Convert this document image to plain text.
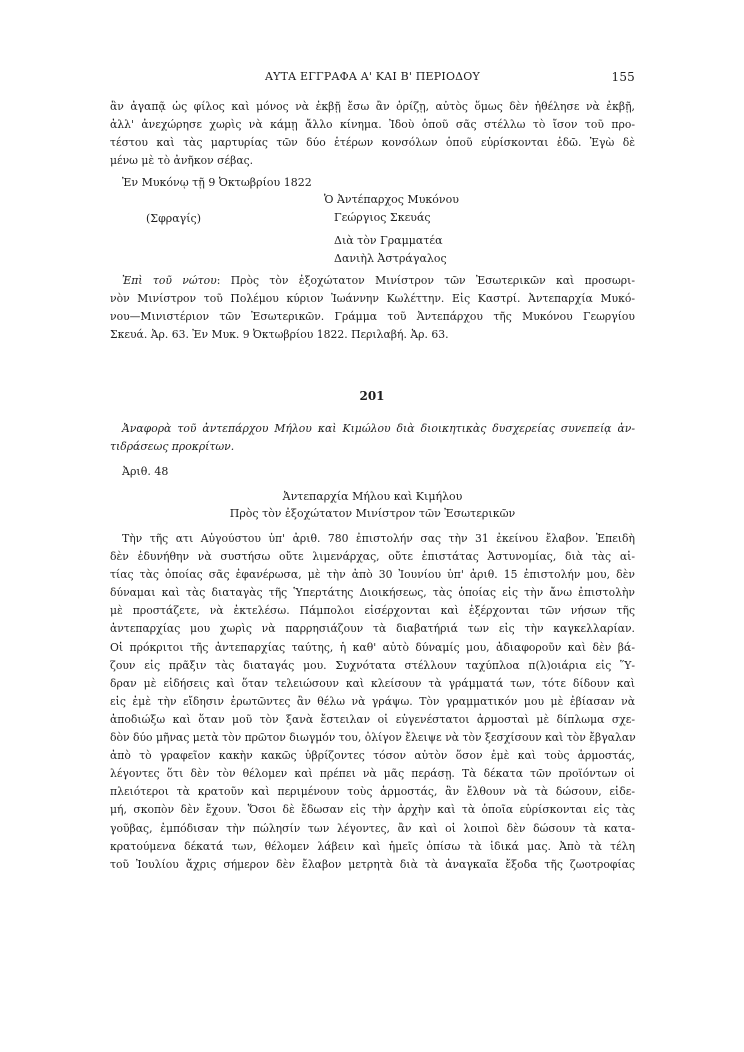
ΑΥΤΑ ΕΓΓΡΑΦΑ Α' ΚΑΙ Β' ΠΕΡΙΟΔΟΥ	155
ἂν ἀγαπᾷ ὡς φίλος καὶ μόνος νὰ ἐκβῇ ἔσω ἂν ὁρίζῃ, αὐτὸς ὅμως δὲν ἠθέλησε νὰ ἐκβῇ,
ἀλλ' ἀνεχώρησε χωρὶς νὰ κάμῃ ἄλλο κίνημα. Ἰδοὺ ὁποῦ σᾶς στέλλω τὸ ἴσον τοῦ προ-
τέστου καὶ τὰς μαρτυρίας τῶν δύο ἑτέρων κονσόλων ὁποῦ εὑρίσκονται ἐδῶ. Ἐγὼ δὲ
μένω μὲ τὸ ἀνῆκον σέβας.
Ἐν Μυκόνῳ τῇ 9 Ὀκτωβρίου 1822
Ὁ Ἀντέπαρχος Μυκόνου
Γεώργιος Σκευάς
(Σφραγίς)
Διὰ τὸν Γραμματέα
Δανιὴλ Ἀστράγαλος
Ἐπὶ τοῦ νώτου: Πρὸς τὸν ἐξοχώτατον Μινίστρον τῶν Ἐσωτερικῶν καὶ προσωρι-
νὸν Μινίστρον τοῦ Πολέμου κύριον Ἰωάννην Κωλέττην. Εἰς Καστρί. Ἀντεπαρχία Μυκό-
νου—Μινιστέριον τῶν Ἐσωτερικῶν. Γράμμα τοῦ Ἀντεπάρχου τῆς Μυκόνου Γεωργίου
Σκευά. Ἀρ. 63. Ἐν Μυκ. 9 Ὀκτωβρίου 1822. Περιλαβή. Ἀρ. 63.
201
Ἀναφορὰ τοῦ ἀντεπάρχου Μήλου καὶ Κιμώλου διὰ διοικητικὰς δυσχερείας συνεπείᾳ ἀν-
τιδράσεως προκρίτων.
Ἀριθ. 48
Ἀντεπαρχία Μήλου καὶ Κιμήλου
Πρὸς τὸν ἐξοχώτατον Μινίστρον τῶν Ἐσωτερικῶν
Τὴν τῆς ατι Αὐγούστου ὑπ' ἀριθ. 780 ἐπιστολήν σας τὴν 31 ἐκείνου ἔλαβον. Ἐπειδὴ
δὲν ἐδυνήθην νὰ συστήσω οὔτε λιμενάρχας, οὔτε ἐπιστάτας Ἀστυνομίας, διὰ τὰς αἰ-
τίας τὰς ὁποίας σᾶς ἐφανέρωσα, μὲ τὴν ἀπὸ 30 Ἰουνίου ὑπ' ἀριθ. 15 ἐπιστολήν μου, δὲν
δύναμαι καὶ τὰς διαταγὰς τῆς Ὑπερτάτης Διοικήσεως, τὰς ὁποίας εἰς τὴν ἄνω ἐπιστολὴν
μὲ προστάζετε, νὰ ἐκτελέσω. Πάμπολοι εἰσέρχονται καὶ ἐξέρχονται τῶν νήσων τῆς
ἀντεπαρχίας μου χωρὶς νὰ παρρησιάζουν τὰ διαβατήριά των εἰς τὴν καγκελλαρίαν.
Οἱ πρόκριτοι τῆς ἀντεπαρχίας ταύτης, ἡ καθ' αὐτὸ δύναμίς μου, ἀδιαφοροῦν καὶ δὲν βά-
ζουν εἰς πρᾶξιν τὰς διαταγάς μου. Συχνότατα στέλλουν ταχύπλοα π(λ)οιάρια εἰς Ὕ-
δραν μὲ εἰδήσεις καὶ ὅταν τελειώσουν καὶ κλείσουν τὰ γράμματά των, τότε δίδουν καὶ
εἰς ἐμὲ τὴν εἴδησιν ἐρωτῶντες ἂν θέλω νὰ γράψω. Τὸν γραμματικόν μου μὲ ἐβίασαν νὰ
ἀποδιώξω καὶ ὅταν μοῦ τὸν ξανὰ ἔστειλαν οἱ εὐγενέστατοι ἁρμοσταὶ μὲ δίπλωμα σχε-
δὸν δύο μῆνας μετὰ τὸν πρῶτον διωγμόν του, ὀλίγον ἔλειψε νὰ τὸν ξεσχίσουν καὶ τὸν ἔβγαλαν
ἀπὸ τὸ γραφεῖον κακὴν κακῶς ὑβρίζοντες τόσον αὐτὸν ὅσον ἐμὲ καὶ τοὺς ἁρμοστάς,
λέγοντες ὅτι δὲν τὸν θέλομεν καὶ πρέπει νὰ μᾶς περάσῃ. Τὰ δέκατα τῶν προϊόντων οἱ
πλειότεροι τὰ κρατοῦν καὶ περιμένουν τοὺς ἁρμοστάς, ἂν ἔλθουν νὰ τὰ δώσουν, εἰδε-
μή, σκοπὸν δὲν ἔχουν. Ὅσοι δὲ ἔδωσαν εἰς τὴν ἀρχὴν καὶ τὰ ὁποῖα εὑρίσκονται εἰς τὰς
γοῦβας, ἐμπόδισαν τὴν πώλησίν των λέγοντες, ἂν καὶ οἱ λοιποὶ δὲν δώσουν τὰ κατα-
κρατούμενα δέκατά των, θέλομεν λάβειν καὶ ἡμεῖς ὀπίσω τὰ ἰδικά μας. Ἀπὸ τὰ τέλη
τοῦ Ἰουλίου ἄχρις σήμερον δὲν ἔλαβον μετρητὰ διὰ τὰ ἀναγκαῖα ἔξοδα τῆς ζωοτροφίας
